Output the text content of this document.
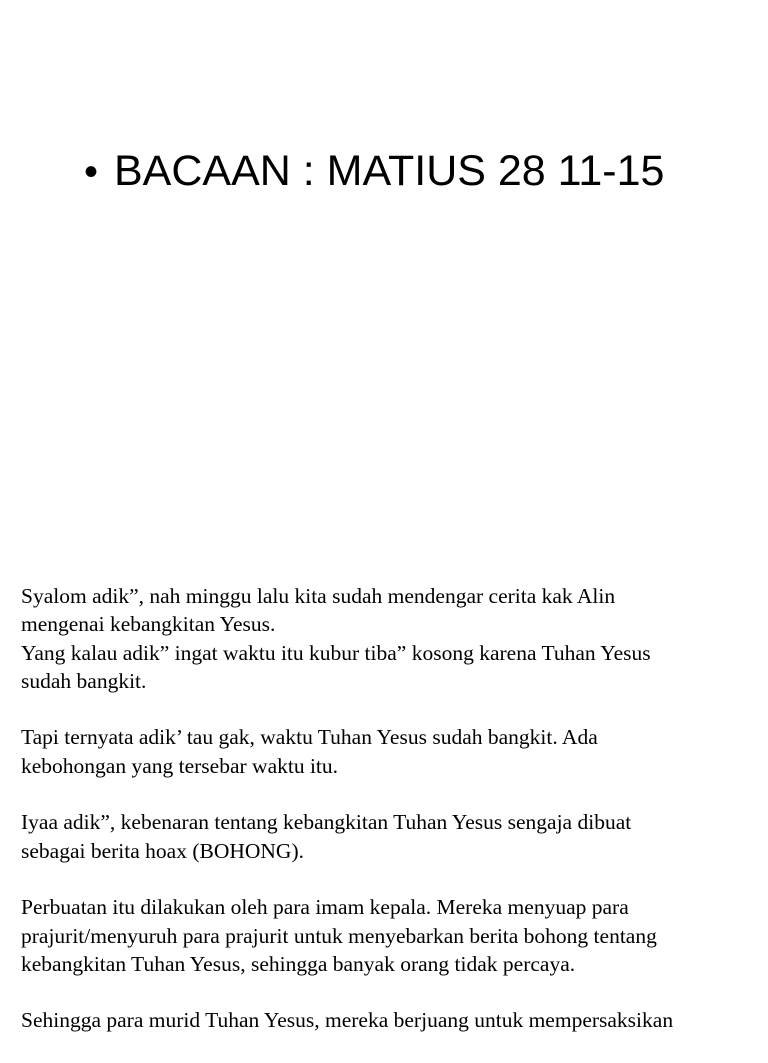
• BACAAN : MATIUS 28 11-15

Syalom adik”, nah minggu lalu kita sudah mendengar cerita kak Alin
mengenai kebangkitan Yesus.
Yang kalau adik” ingat waktu itu kubur tiba” kosong karena Tuhan Yesus
sudah bangkit.

Tapi ternyata adik’ tau gak, waktu Tuhan Yesus sudah bangkit. Ada
kebohongan yang tersebar waktu itu.

Iyaa adik”, kebenaran tentang kebangkitan Tuhan Yesus sengaja dibuat
sebagai berita hoax (BOHONG).

Perbuatan itu dilakukan oleh para imam kepala. Mereka menyuap para
prajurit/menyuruh para prajurit untuk menyebarkan berita bohong tentang
kebangkitan Tuhan Yesus, sehingga banyak orang tidak percaya.

Sehingga para murid Tuhan Yesus, mereka berjuang untuk mempersaksikan
